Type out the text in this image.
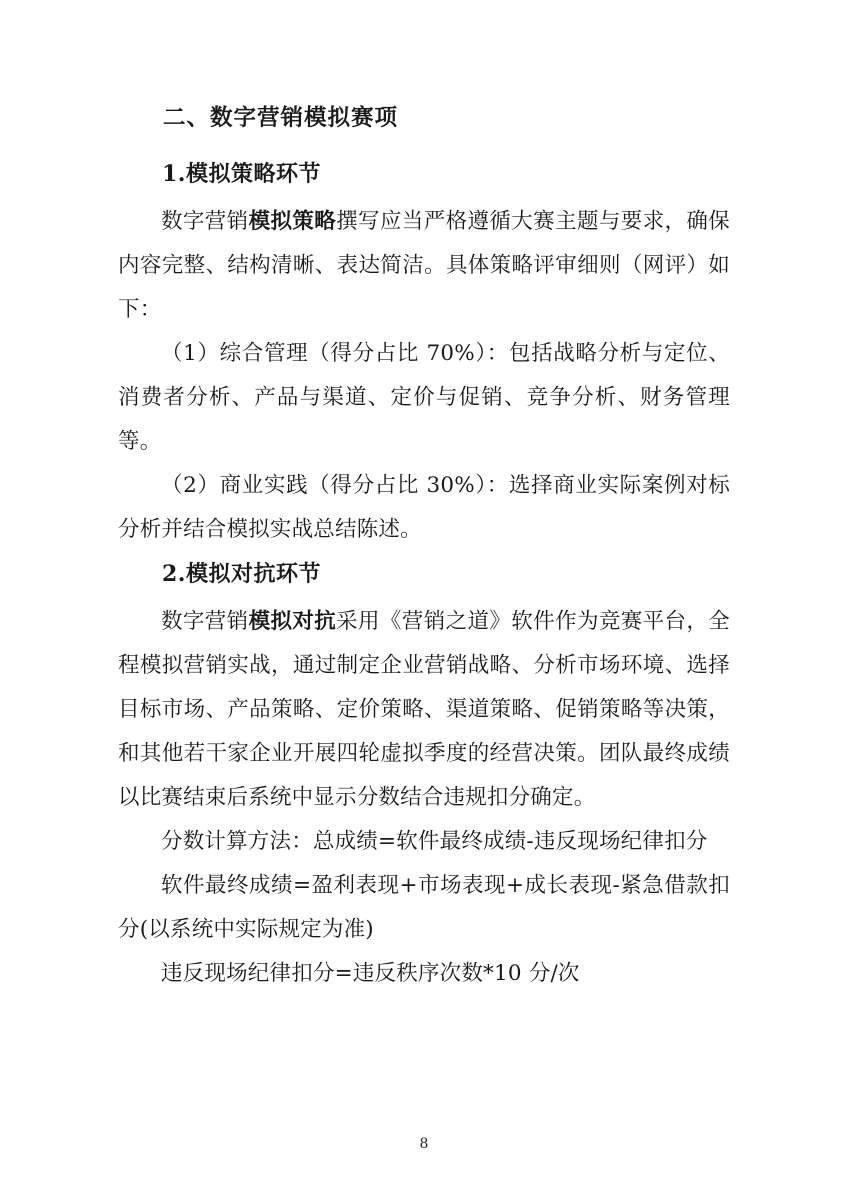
二、数字营销模拟赛项
1.模拟策略环节

数字营销模拟策略撰写应当严格遵循大赛主题与要求，确保内容完整、结构清晰、表达简洁。具体策略评审细则（网评）如下：

（1）综合管理（得分占比 70%）：包括战略分析与定位、消费者分析、产品与渠道、定价与促销、竞争分析、财务管理等。

（2）商业实践（得分占比 30%）：选择商业实际案例对标分析并结合模拟实战总结陈述。

2.模拟对抗环节

数字营销模拟对抗采用《营销之道》软件作为竞赛平台，全程模拟营销实战，通过制定企业营销战略、分析市场环境、选择目标市场、产品策略、定价策略、渠道策略、促销策略等决策，和其他若干家企业开展四轮虚拟季度的经营决策。团队最终成绩以比赛结束后系统中显示分数结合违规扣分确定。

分数计算方法：总成绩=软件最终成绩-违反现场纪律扣分

软件最终成绩=盈利表现+市场表现+成长表现-紧急借款扣分(以系统中实际规定为准)

违反现场纪律扣分=违反秩序次数*10 分/次

8
